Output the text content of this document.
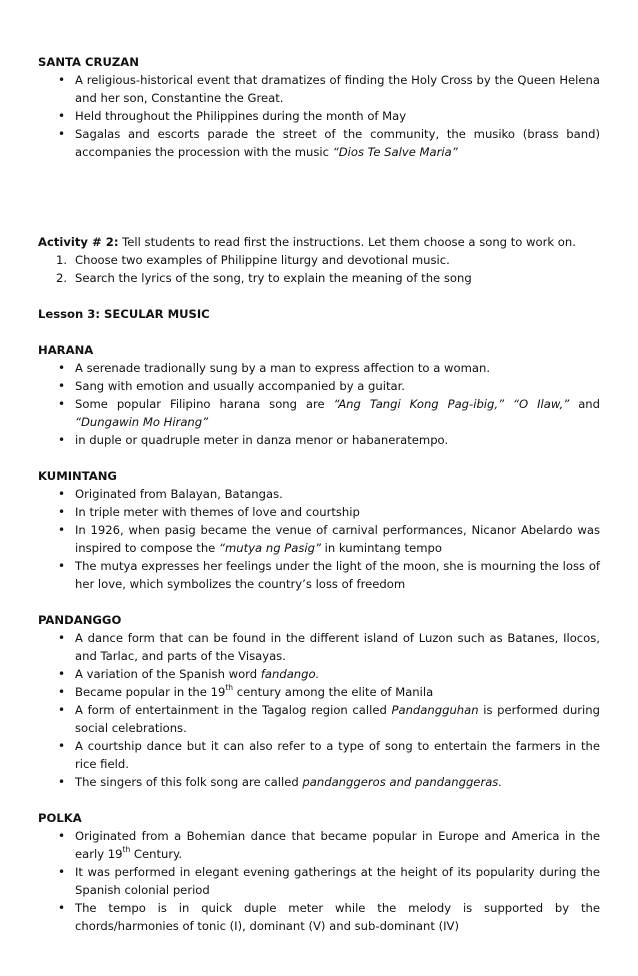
SANTA CRUZAN

• A religious-historical event that dramatizes of finding the Holy Cross by the Queen Helena and her son, Constantine the Great.
• Held throughout the Philippines during the month of May
• Sagalas and escorts parade the street of the community, the musiko (brass band) accompanies the procession with the music “Dios Te Salve Maria”

Activity # 2: Tell students to read first the instructions. Let them choose a song to work on.

1. Choose two examples of Philippine liturgy and devotional music.
2. Search the lyrics of the song, try to explain the meaning of the song

Lesson 3: SECULAR MUSIC

HARANA

• A serenade tradionally sung by a man to express affection to a woman.
• Sang with emotion and usually accompanied by a guitar.
• Some popular Filipino harana song are “Ang Tangi Kong Pag-ibig,” “O Ilaw,” and “Dungawin Mo Hirang”
• in duple or quadruple meter in danza menor or habaneratempo.

KUMINTANG

• Originated from Balayan, Batangas.
• In triple meter with themes of love and courtship
• In 1926, when pasig became the venue of carnival performances, Nicanor Abelardo was inspired to compose the “mutya ng Pasig” in kumintang tempo
• The mutya expresses her feelings under the light of the moon, she is mourning the loss of her love, which symbolizes the country’s loss of freedom

PANDANGGO

• A dance form that can be found in the different island of Luzon such as Batanes, Ilocos, and Tarlac, and parts of the Visayas.
• A variation of the Spanish word fandango.
• Became popular in the 19th century among the elite of Manila
• A form of entertainment in the Tagalog region called Pandangguhan is performed during social celebrations.
• A courtship dance but it can also refer to a type of song to entertain the farmers in the rice field.
• The singers of this folk song are called pandanggeros and pandanggeras.

POLKA

• Originated from a Bohemian dance that became popular in Europe and America in the early 19th Century.
• It was performed in elegant evening gatherings at the height of its popularity during the Spanish colonial period
• The tempo is in quick duple meter while the melody is supported by the chords/harmonies of tonic (I), dominant (V) and sub-dominant (IV)
